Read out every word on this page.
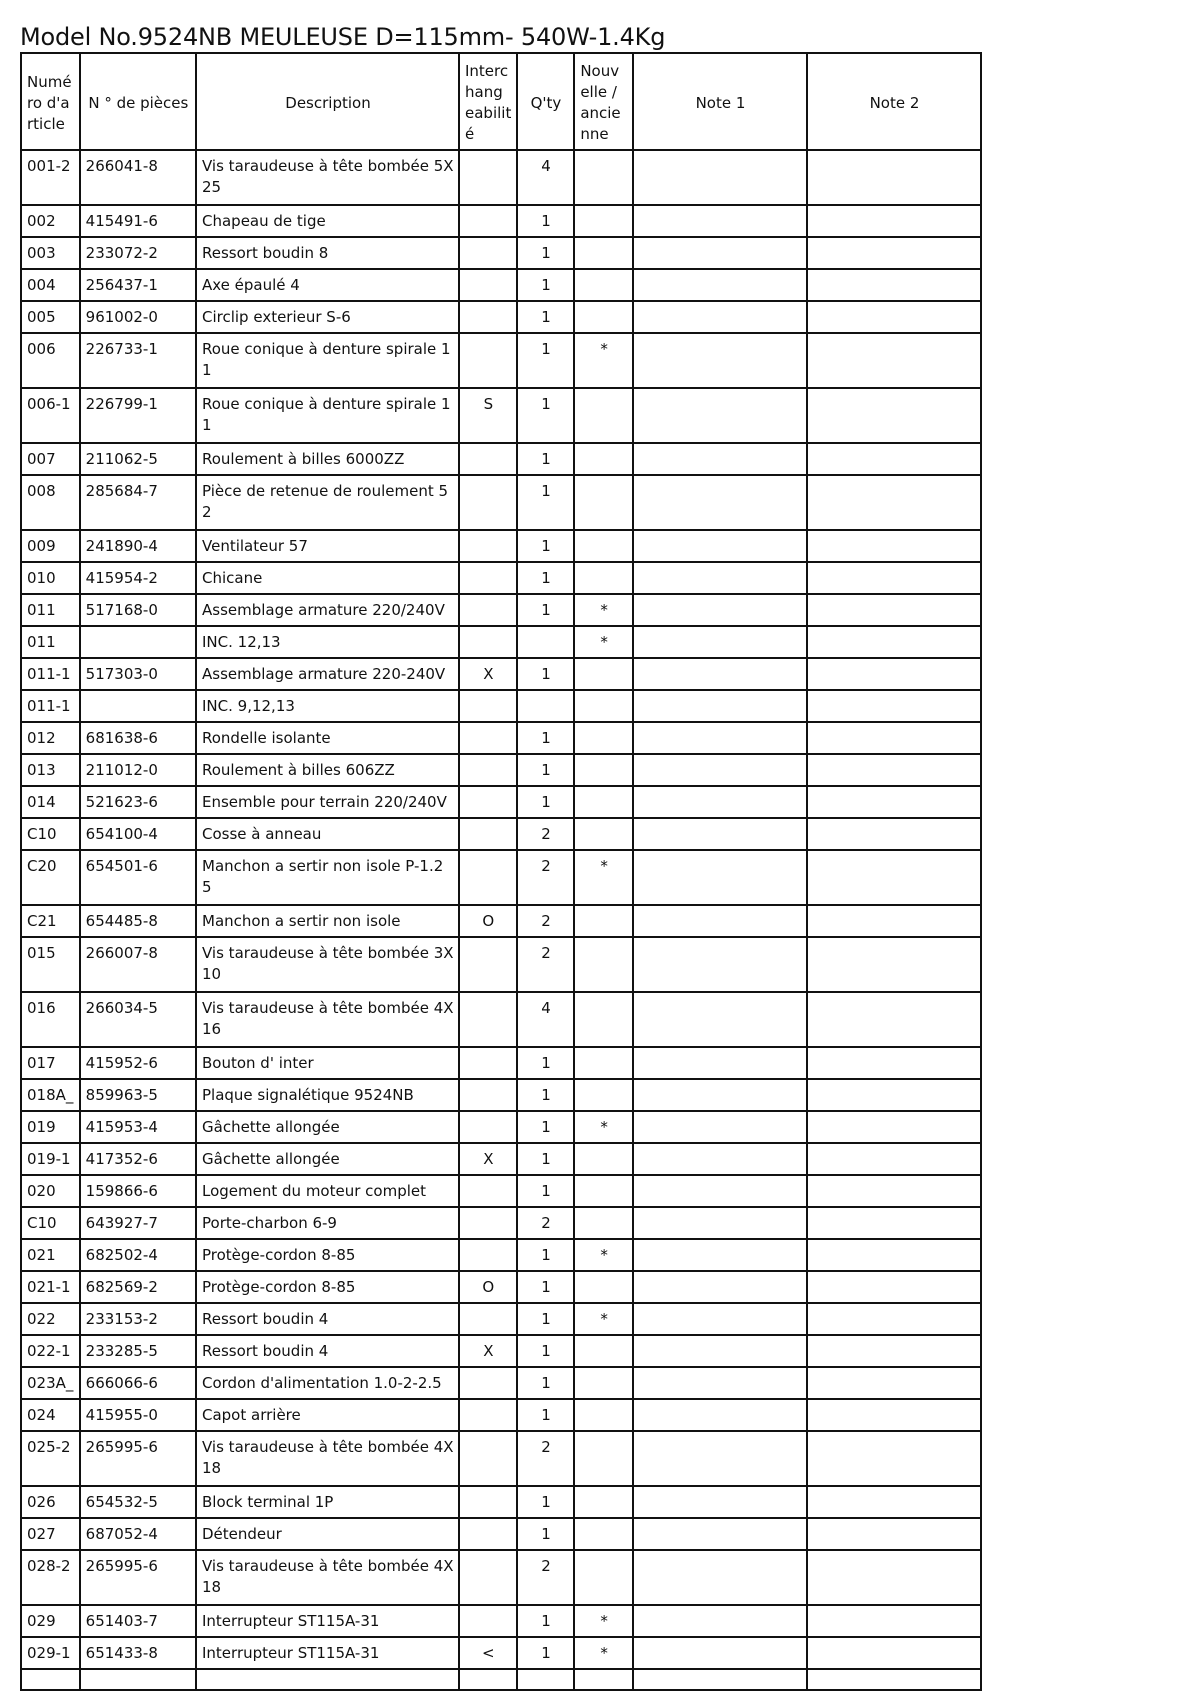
Model No.9524NB MEULEUSE D=115mm- 540W-1.4Kg
Numé ro d'a rticle	N ° de pièces	Description	Interc hang eabilit é	Q'ty	Nouv elle / ancie nne	Note 1	Note 2
001-2	266041-8	Vis taraudeuse à tête bombée 5X 25		4			
002	415491-6	Chapeau de tige		1			
003	233072-2	Ressort boudin 8		1			
004	256437-1	Axe épaulé 4		1			
005	961002-0	Circlip exterieur S-6		1			
006	226733-1	Roue conique à denture spirale 1 1		1	*		
006-1	226799-1	Roue conique à denture spirale 1 1	S	1			
007	211062-5	Roulement à billes 6000ZZ		1			
008	285684-7	Pièce de retenue de roulement 5 2		1			
009	241890-4	Ventilateur 57		1			
010	415954-2	Chicane		1			
011	517168-0	Assemblage armature 220/240V		1	*		
011		INC. 12,13			*		
011-1	517303-0	Assemblage armature 220-240V	X	1			
011-1		INC. 9,12,13					
012	681638-6	Rondelle isolante		1			
013	211012-0	Roulement à billes 606ZZ		1			
014	521623-6	Ensemble pour terrain 220/240V		1			
C10	654100-4	Cosse à anneau		2			
C20	654501-6	Manchon a sertir non isole P-1.2 5		2	*		
C21	654485-8	Manchon a sertir non isole	O	2			
015	266007-8	Vis taraudeuse à tête bombée 3X 10		2			
016	266034-5	Vis taraudeuse à tête bombée 4X 16		4			
017	415952-6	Bouton d' inter		1			
018A_	859963-5	Plaque signalétique 9524NB		1			
019	415953-4	Gâchette allongée		1	*		
019-1	417352-6	Gâchette allongée	X	1			
020	159866-6	Logement du moteur complet		1			
C10	643927-7	Porte-charbon 6-9		2			
021	682502-4	Protège-cordon 8-85		1	*		
021-1	682569-2	Protège-cordon 8-85	O	1			
022	233153-2	Ressort boudin 4		1	*		
022-1	233285-5	Ressort boudin 4	X	1			
023A_	666066-6	Cordon d'alimentation 1.0-2-2.5		1			
024	415955-0	Capot arrière		1			
025-2	265995-6	Vis taraudeuse à tête bombée 4X 18		2			
026	654532-5	Block terminal 1P		1			
027	687052-4	Détendeur		1			
028-2	265995-6	Vis taraudeuse à tête bombée 4X 18		2			
029	651403-7	Interrupteur ST115A-31		1	*		
029-1	651433-8	Interrupteur ST115A-31	<	1	*		
